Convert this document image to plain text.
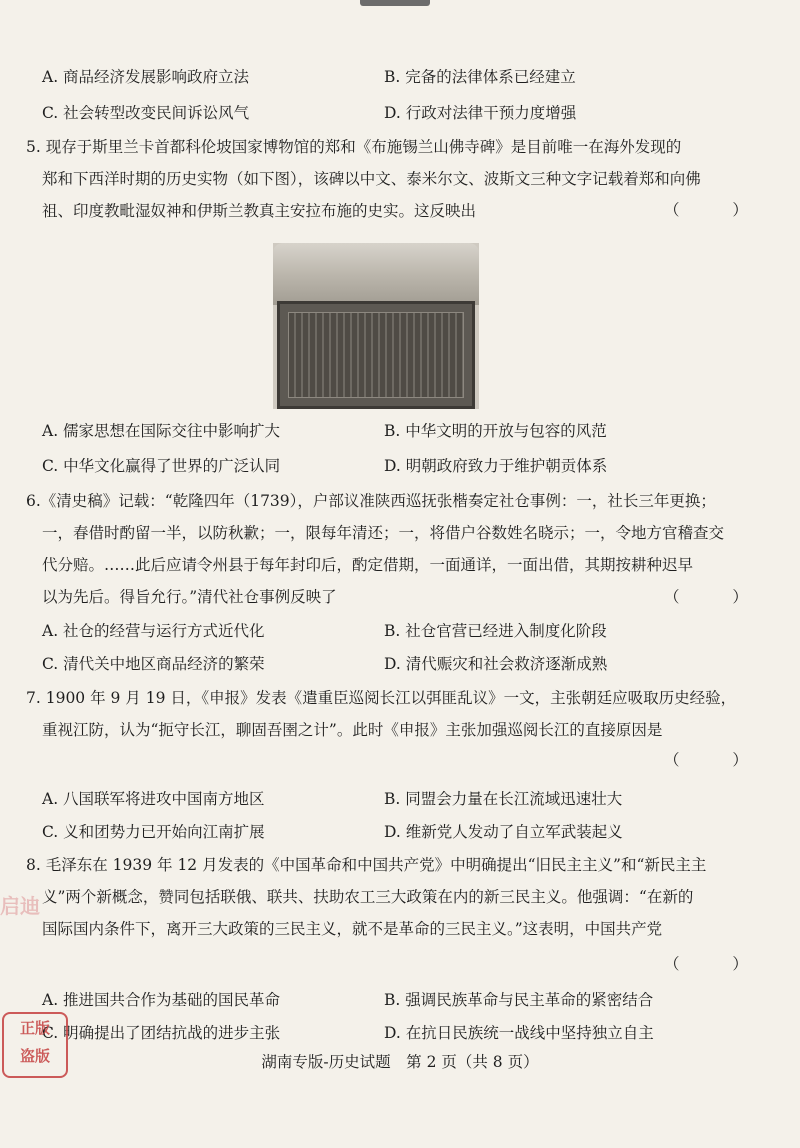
A. 商品经济发展影响政府立法	B. 完备的法律体系已经建立
C. 社会转型改变民间诉讼风气	D. 行政对法律干预力度增强

5. 现存于斯里兰卡首都科伦坡国家博物馆的郑和《布施锡兰山佛寺碑》是目前唯一在海外发现的

郑和下西洋时期的历史实物（如下图），该碑以中文、泰米尔文、波斯文三种文字记载着郑和向佛

祖、印度教毗湿奴神和伊斯兰教真主安拉布施的史实。这反映出	（ ）
A. 儒家思想在国际交往中影响扩大	B. 中华文明的开放与包容的风范
C. 中华文化赢得了世界的广泛认同	D. 明朝政府致力于维护朝贡体系

6.《清史稿》记载：“乾隆四年（1739），户部议准陕西巡抚张楷奏定社仓事例：一，社长三年更换；

一，春借时酌留一半，以防秋歉；一，限每年清还；一，将借户谷数姓名晓示；一，令地方官稽查交

代分赔。……此后应请令州县于每年封印后，酌定借期，一面通详，一面出借，其期按耕种迟早

以为先后。得旨允行。”清代社仓事例反映了	（ ）
A. 社仓的经营与运行方式近代化	B. 社仓官营已经进入制度化阶段
C. 清代关中地区商品经济的繁荣	D. 清代赈灾和社会救济逐渐成熟

7. 1900 年 9 月 19 日，《申报》发表《遣重臣巡阅长江以弭匪乱议》一文，主张朝廷应吸取历史经验，

重视江防，认为“扼守长江，聊固吾圉之计”。此时《申报》主张加强巡阅长江的直接原因是

（ ）
A. 八国联军将进攻中国南方地区	B. 同盟会力量在长江流域迅速壮大
C. 义和团势力已开始向江南扩展	D. 维新党人发动了自立军武装起义

8. 毛泽东在 1939 年 12 月发表的《中国革命和中国共产党》中明确提出“旧民主主义”和“新民主主

义”两个新概念，赞同包括联俄、联共、扶助农工三大政策在内的新三民主义。他强调：“在新的

国际国内条件下，离开三大政策的三民主义，就不是革命的三民主义。”这表明，中国共产党

（ ）
A. 推进国共合作为基础的国民革命	B. 强调民族革命与民主革命的紧密结合
C. 明确提出了团结抗战的进步主张	D. 在抗日民族统一战线中坚持独立自主
启迪
正版
盗版	湖南专版-历史试题　第 2 页（共 8 页）
